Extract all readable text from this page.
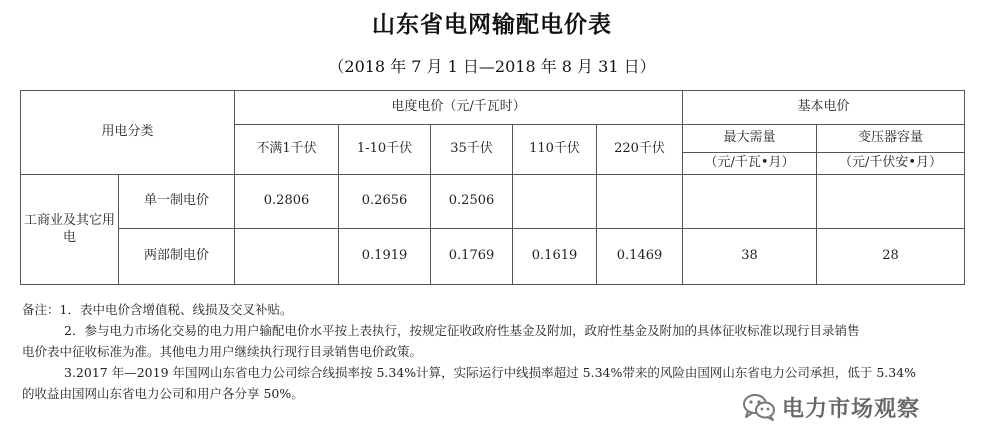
山东省电网输配电价表
（2018 年 7 月 1 日—2018 年 8 月 31 日）
用电分类		电度电价（元/千瓦时）					基本电价	
		不满1千伏	1-10千伏	35千伏	110千伏	220千伏	最大需量	变压器容量
							（元/千瓦•月）	（元/千伏安•月）
工商业及其它用电	单一制电价	0.2806	0.2656	0.2506				
	两部制电价		0.1919	0.1769	0.1619	0.1469	38	28

备注：1．表中电价含增值税、线损及交叉补贴。

2．参与电力市场化交易的电力用户输配电价水平按上表执行，按规定征收政府性基金及附加，政府性基金及附加的具体征收标准以现行目录销售

电价表中征收标准为准。其他电力用户继续执行现行目录销售电价政策。

3.2017 年—2019 年国网山东省电力公司综合线损率按 5.34%计算，实际运行中线损率超过 5.34%带来的风险由国网山东省电力公司承担，低于 5.34%

的收益由国网山东省电力公司和用户各分享 50%。

电力市场观察
